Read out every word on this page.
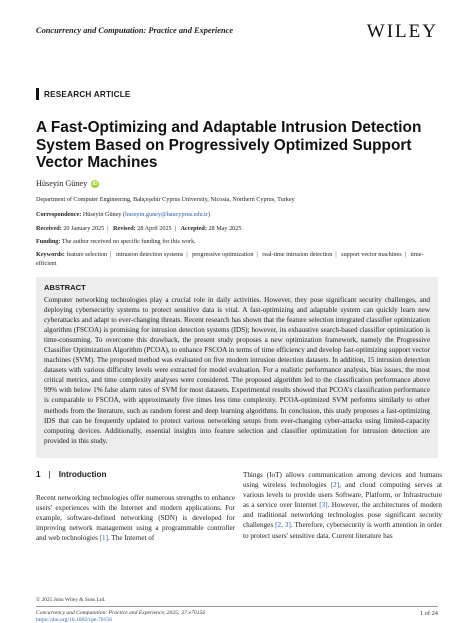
Concurrency and Computation: Practice and Experience	WILEY
RESEARCH ARTICLE
A Fast-Optimizing and Adaptable Intrusion Detection System Based on Progressively Optimized Support Vector Machines
Hüseyin Güney	iD
Department of Computer Engineering, Bahçeşehir Cyprus University, Nicosia, Northern Cyprus, Turkey
Correspondence: Hüseyin Güney (huseyin.guney@baucyprus.edu.tr)
Received: 20 January 2025 | Revised: 28 April 2025 | Accepted: 28 May 2025
Funding: The author received no specific funding for this work.
Keywords: feature selection | intrusion detection systems | progressive optimization | real-time intrusion detection | support vector machines | time-efficient
ABSTRACT
Computer networking technologies play a crucial role in daily activities. However, they pose significant security challenges, and deploying cybersecurity systems to protect sensitive data is vital. A fast-optimizing and adaptable system can quickly learn new cyberattacks and adapt to ever-changing threats. Recent research has shown that the feature selection integrated classifier optimization algorithm (FSCOA) is promising for intrusion detection systems (IDS); however, its exhaustive search-based classifier optimization is time-consuming. To overcome this drawback, the present study proposes a new optimization framework, namely the Progressive Classifier Optimization Algorithm (PCOA), to enhance FSCOA in terms of time efficiency and develop fast-optimizing support vector machines (SVM). The proposed method was evaluated on five modern intrusion detection datasets. In addition, 15 intrusion detection datasets with various difficulty levels were extracted for model evaluation. For a realistic performance analysis, bias issues, the most critical metrics, and time complexity analyses were considered. The proposed algorithm led to the classification performance above 99% with below 1% false alarm rates of SVM for most datasets. Experimental results showed that PCOA's classification performance is comparable to FSCOA, with approximately five times less time complexity. PCOA-optimized SVM performs similarly to other methods from the literature, such as random forest and deep learning algorithms. In conclusion, this study proposes a fast-optimizing IDS that can be frequently updated to protect various networking setups from ever-changing cyber-attacks using limited-capacity computing devices. Additionally, essential insights into feature selection and classifier optimization for intrusion detection are provided in this study.
1 | Introduction
Recent networking technologies offer numerous strengths to enhance users' experiences with the Internet and modern applications. For example, software-defined networking (SDN) is developed for improving network management using a programmable controller and web technologies [1]. The Internet of
Things (IoT) allows communication among devices and humans using wireless technologies [2], and cloud computing serves at various levels to provide users Software, Platform, or Infrastructure as a service over Internet [3]. However, the architectures of modern and traditional networking technologies pose significant security challenges [2, 3]. Therefore, cybersecurity is worth attention in order to protect users' sensitive data. Current literature has
© 2025 John Wiley & Sons Ltd.
Concurrency and Computation: Practice and Experience, 2025; 37:e70156
https://doi.org/10.1002/cpe.70156
1 of 24
